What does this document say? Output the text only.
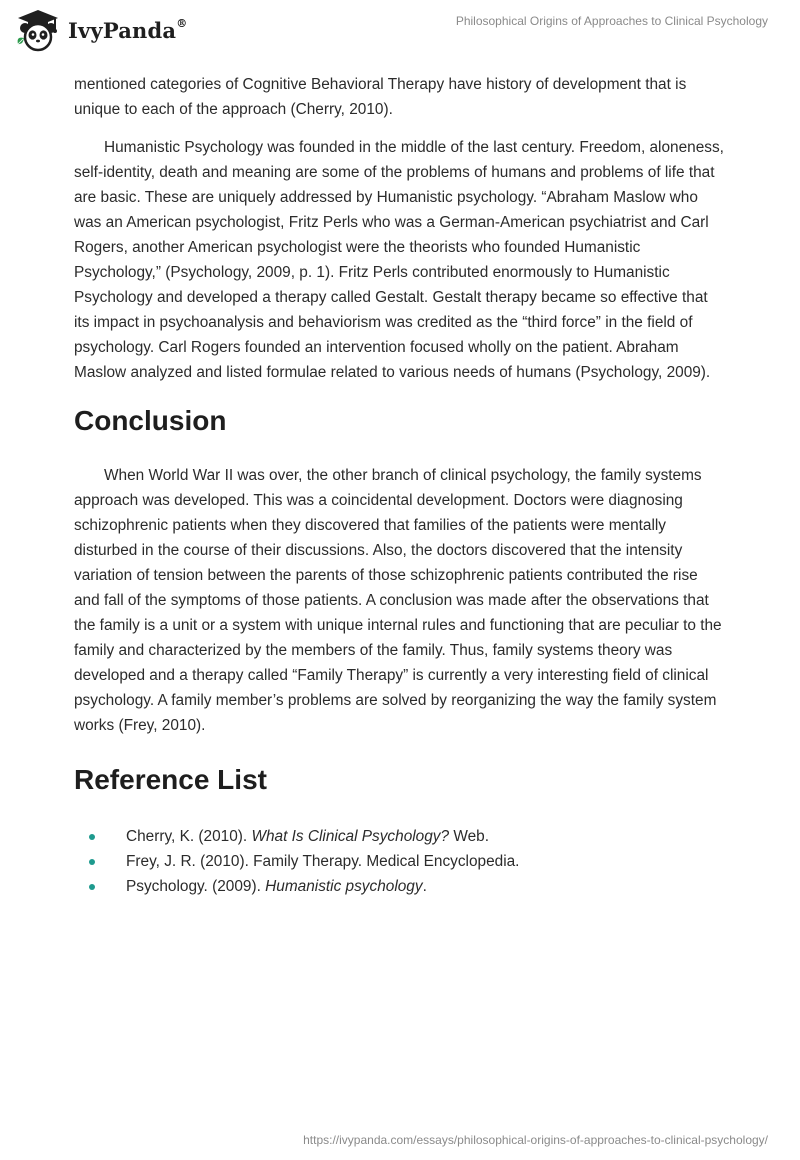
IvyPanda®	Philosophical Origins of Approaches to Clinical Psychology

mentioned categories of Cognitive Behavioral Therapy have history of development that is unique to each of the approach (Cherry, 2010).

Humanistic Psychology was founded in the middle of the last century. Freedom, aloneness, self-identity, death and meaning are some of the problems of humans and problems of life that are basic. These are uniquely addressed by Humanistic psychology. “Abraham Maslow who was an American psychologist, Fritz Perls who was a German-American psychiatrist and Carl Rogers, another American psychologist were the theorists who founded Humanistic Psychology,” (Psychology, 2009, p. 1). Fritz Perls contributed enormously to Humanistic Psychology and developed a therapy called Gestalt. Gestalt therapy became so effective that its impact in psychoanalysis and behaviorism was credited as the “third force” in the field of psychology. Carl Rogers founded an intervention focused wholly on the patient. Abraham Maslow analyzed and listed formulae related to various needs of humans (Psychology, 2009).

Conclusion

When World War II was over, the other branch of clinical psychology, the family systems approach was developed. This was a coincidental development. Doctors were diagnosing schizophrenic patients when they discovered that families of the patients were mentally disturbed in the course of their discussions. Also, the doctors discovered that the intensity variation of tension between the parents of those schizophrenic patients contributed the rise and fall of the symptoms of those patients. A conclusion was made after the observations that the family is a unit or a system with unique internal rules and functioning that are peculiar to the family and characterized by the members of the family. Thus, family systems theory was developed and a therapy called “Family Therapy” is currently a very interesting field of clinical psychology. A family member’s problems are solved by reorganizing the way the family system works (Frey, 2010).

Reference List
Cherry, K. (2010). What Is Clinical Psychology? Web.
Frey, J. R. (2010). Family Therapy. Medical Encyclopedia.
Psychology. (2009). Humanistic psychology.
https://ivypanda.com/essays/philosophical-origins-of-approaches-to-clinical-psychology/
